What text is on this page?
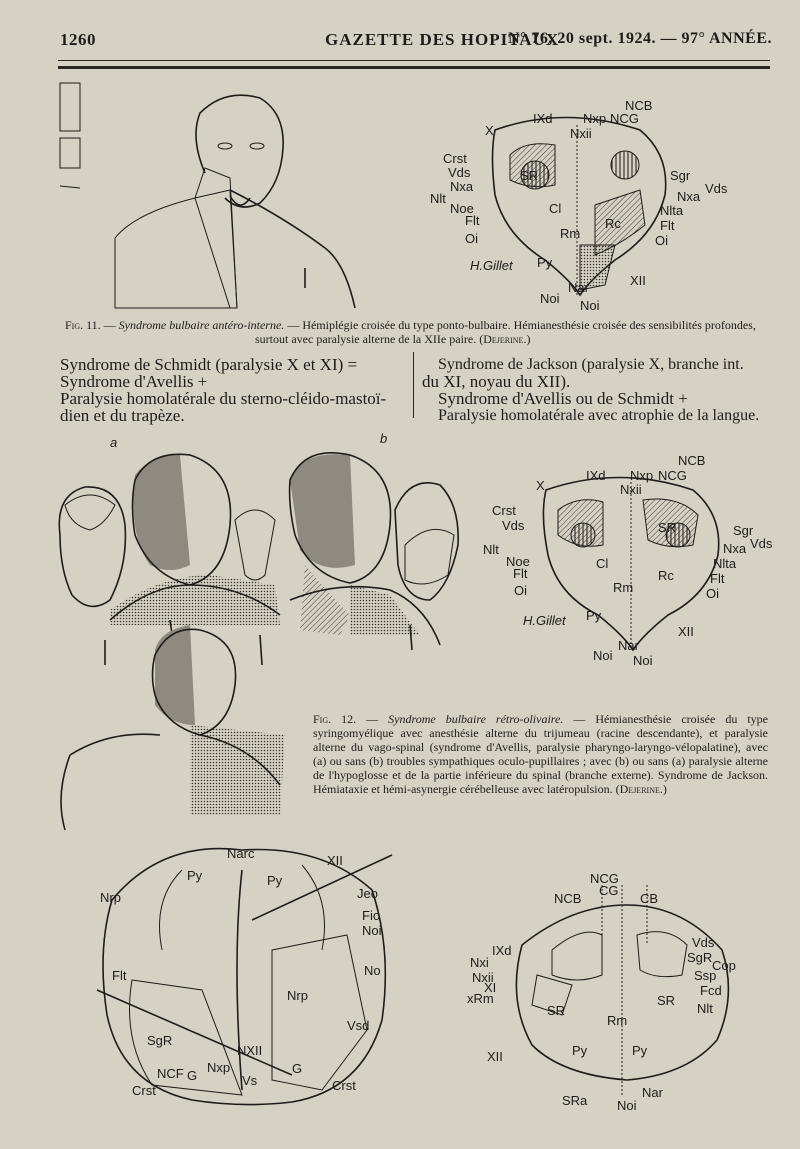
1260	GAZETTE DES HOPITAUX
N° 76, 20 sept. 1924. — 97° ANNÉE.
NCB
IXd Nxp NCG
Nxii
X
Crst
Vds	SR
Nxa
Nlt
Noe
Flt
Oi
Cl
Rm
Rc
Py
H.Gillet
Sgr
Vds
Nxa
Nlta
Flt
Oi
XII
Nar
Noi Noi
Fig. 11. — Syndrome bulbaire antéro-interne. — Hémiplégie croisée du type ponto-bulbaire. Hémianesthésie croisée des sensibilités profondes,
surtout avec paralysie alterne de la XIIe paire. (Dejerine.)
Syndrome de Schmidt (paralysie X et XI) =
Syndrome d'Avellis +
Paralysie homolatérale du sterno-cléido-mastoï-
dien et du trapèze.
Syndrome de Jackson (paralysie X, branche int.
du XI, noyau du XII).
Syndrome d'Avellis ou de Schmidt +
Paralysie homolatérale avec atrophie de la langue.
a	b
NCB
IXd Nxp NCG
Nxii
X
Crst
Vds	SR
Nlt
Noe
Flt
Oi
Cl
Rm
Rc
Py
H.Gillet
Sgr
Vds
Nxa
Nlta
Flt
Oi
XII
Nar
Noi Noi
Fig. 12. — Syndrome bulbaire rétro-olivaire. — Hémianesthésie croisée du type syringomyélique avec anesthésie alterne du trijumeau (racine descendante), et paralysie alterne du vago-spinal (syndrome d'Avellis, paralysie pharyngo-laryngo-vélopalatine), avec (a) ou sans (b) troubles sympathiques oculo-pupillaires ; avec (b) ou sans (a) paralysie alterne de l'hypoglosse et de la partie inférieure du spinal (branche externe). Syndrome de Jackson. Hémiataxie et hémi-asynergie cérébelleuse avec latéropulsion. (Dejerine.)
Narc	XII
Nrp
Py	Py
Jeo
Fio
Noi
Flt	No
SgR
Vsd
Nrp
NXII
Crst
NCF G	Vs	Crst
Nxp	G
NCG
CG
NCB	CB
IXd
Nxi
Nxii
XI
xRm
Vds
SgR
Cop
Ssp
Fcd
Nlt
SR
SR
Rm
Py	Py
XII
SRa Noi
Nar
